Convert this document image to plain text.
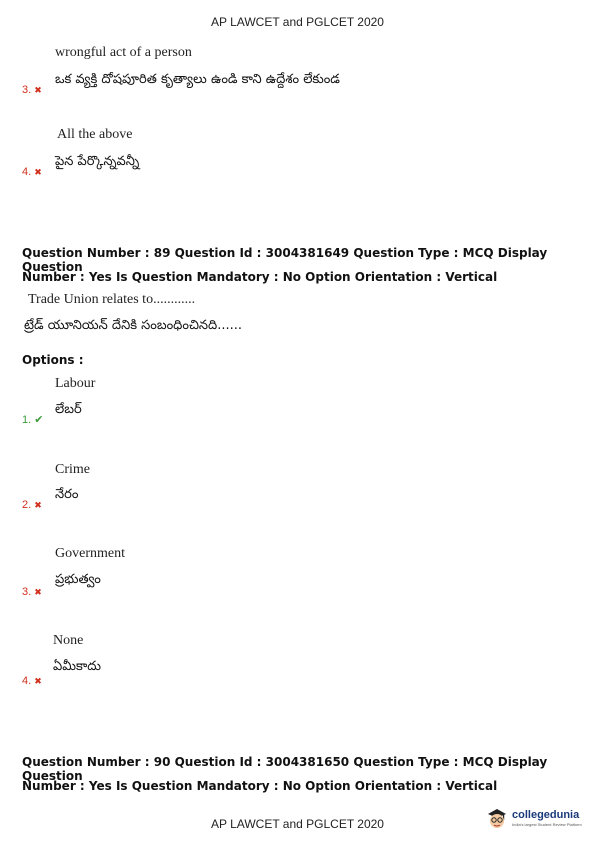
AP LAWCET and PGLCET 2020
wrongful act of a person
3. ✖
ఒక వ్యక్తి దోషపూరిత కృత్యాలు ఉండి కాని ఉద్దేశం లేకుండ
All the above
4. ✖
పైన పేర్కొన్నవన్నీ
Question Number : 89 Question Id : 3004381649 Question Type : MCQ Display Question
Number : Yes Is Question Mandatory : No Option Orientation : Vertical
Trade Union relates to............
ట్రేడ్ యూనియన్ దేనికి సంబంధించినది......
Options :
Labour
1. ✔
లేబర్
Crime
2. ✖
నేరం
Government
3. ✖
ప్రభుత్వం
None
4. ✖
ఏమీకాదు
Question Number : 90 Question Id : 3004381650 Question Type : MCQ Display Question
Number : Yes Is Question Mandatory : No Option Orientation : Vertical
AP LAWCET and PGLCET 2020
collegedunia
India's largest Student Review Platform
